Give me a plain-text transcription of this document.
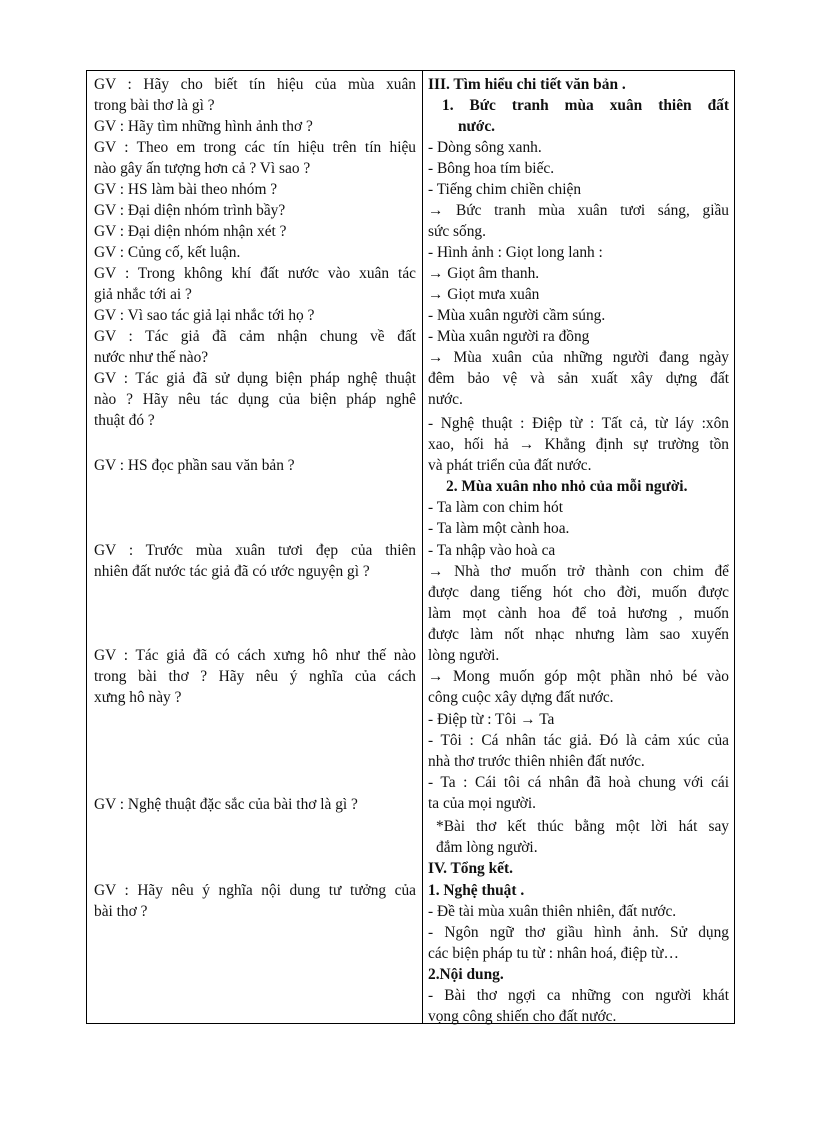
GV : Hãy cho biết tín hiệu của mùa xuân
trong bài thơ là gì ?
GV : Hãy tìm những hình ảnh thơ ?
GV : Theo em trong các tín hiệu trên tín hiệu
nào gây ấn tượng hơn cả ? Vì sao ?
GV : HS làm bài theo nhóm ?
GV : Đại diện nhóm trình bầy?
GV : Đại diện nhóm nhận xét ?
GV : Củng cố, kết luận.
GV : Trong không khí đất nước vào xuân tác
giả nhắc tới ai ?
GV : Vì sao tác giả lại nhắc tới họ ?
GV : Tác giả đã cảm nhận chung về đất
nước như thế nào?
GV : Tác giả đã sử dụng biện pháp nghệ thuật
nào ? Hãy nêu tác dụng của biện pháp nghê
thuật đó ?
GV : HS đọc phần sau văn bản ?
GV : Trước mùa xuân tươi đẹp của thiên
nhiên đất nước tác giả đã có ước nguyện gì ?
GV : Tác giả đã có cách xưng hô như thế nào
trong bài thơ ? Hãy nêu ý nghĩa của cách
xưng hô này ?
GV : Nghệ thuật đặc sắc của bài thơ là gì ?
GV : Hãy nêu ý nghĩa nội dung tư tưởng của
bài thơ ?
III. Tìm hiểu chi tiết văn bản .
1. Bức tranh mùa xuân thiên đất
nước.
- Dòng sông xanh.
- Bông hoa tím biếc.
- Tiếng chim chiền chiện
→ Bức tranh mùa xuân tươi sáng, giầu
sức sống.
- Hình ảnh : Giọt long lanh :
→ Giọt âm thanh.
→ Giọt mưa xuân
- Mùa xuân người cầm súng.
- Mùa xuân người ra đồng
→ Mùa xuân của những người đang ngày
đêm bảo vệ và sản xuất xây dựng đất
nước.
- Nghệ thuật : Điệp từ : Tất cả, từ láy :xôn
xao, hối hả → Khẳng định sự trường tồn
và phát triển của đất nước.
2. Mùa xuân nho nhỏ của mỗi người.
- Ta làm con chim hót
- Ta làm một cành hoa.
- Ta nhập vào hoà ca
→ Nhà thơ muốn trở thành con chim để
được dang tiếng hót cho đời, muốn được
làm mọt cành hoa để toả hương , muốn
được làm nốt nhạc nhưng làm sao xuyến
lòng người.
→ Mong muốn góp một phần nhỏ bé vào
công cuộc xây dựng đất nước.
- Điệp từ : Tôi → Ta
- Tôi : Cá nhân tác giả. Đó là cảm xúc của
nhà thơ trước thiên nhiên đất nước.
- Ta : Cái tôi cá nhân đã hoà chung với cái
ta của mọi người.
*Bài thơ kết thúc bằng một lời hát say
đắm lòng người.
IV. Tổng kết.
1. Nghệ thuật .
- Đề tài mùa xuân thiên nhiên, đất nước.
- Ngôn ngữ thơ giầu hình ảnh. Sử dụng
các biện pháp tu từ : nhân hoá, điệp từ…
2.Nội dung.
- Bài thơ ngợi ca những con người khát
vọng công shiến cho đất nước.
